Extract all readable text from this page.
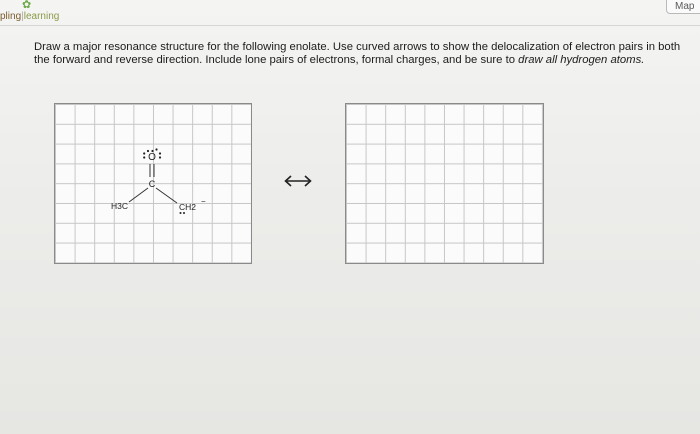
✿
pling|learning
Map
Draw a major resonance structure for the following enolate. Use curved arrows to show the delocalization of electron pairs in both the forward and reverse direction. Include lone pairs of electrons, formal charges, and be sure to draw all hydrogen atoms.
O
C
H3C	CH2
−
